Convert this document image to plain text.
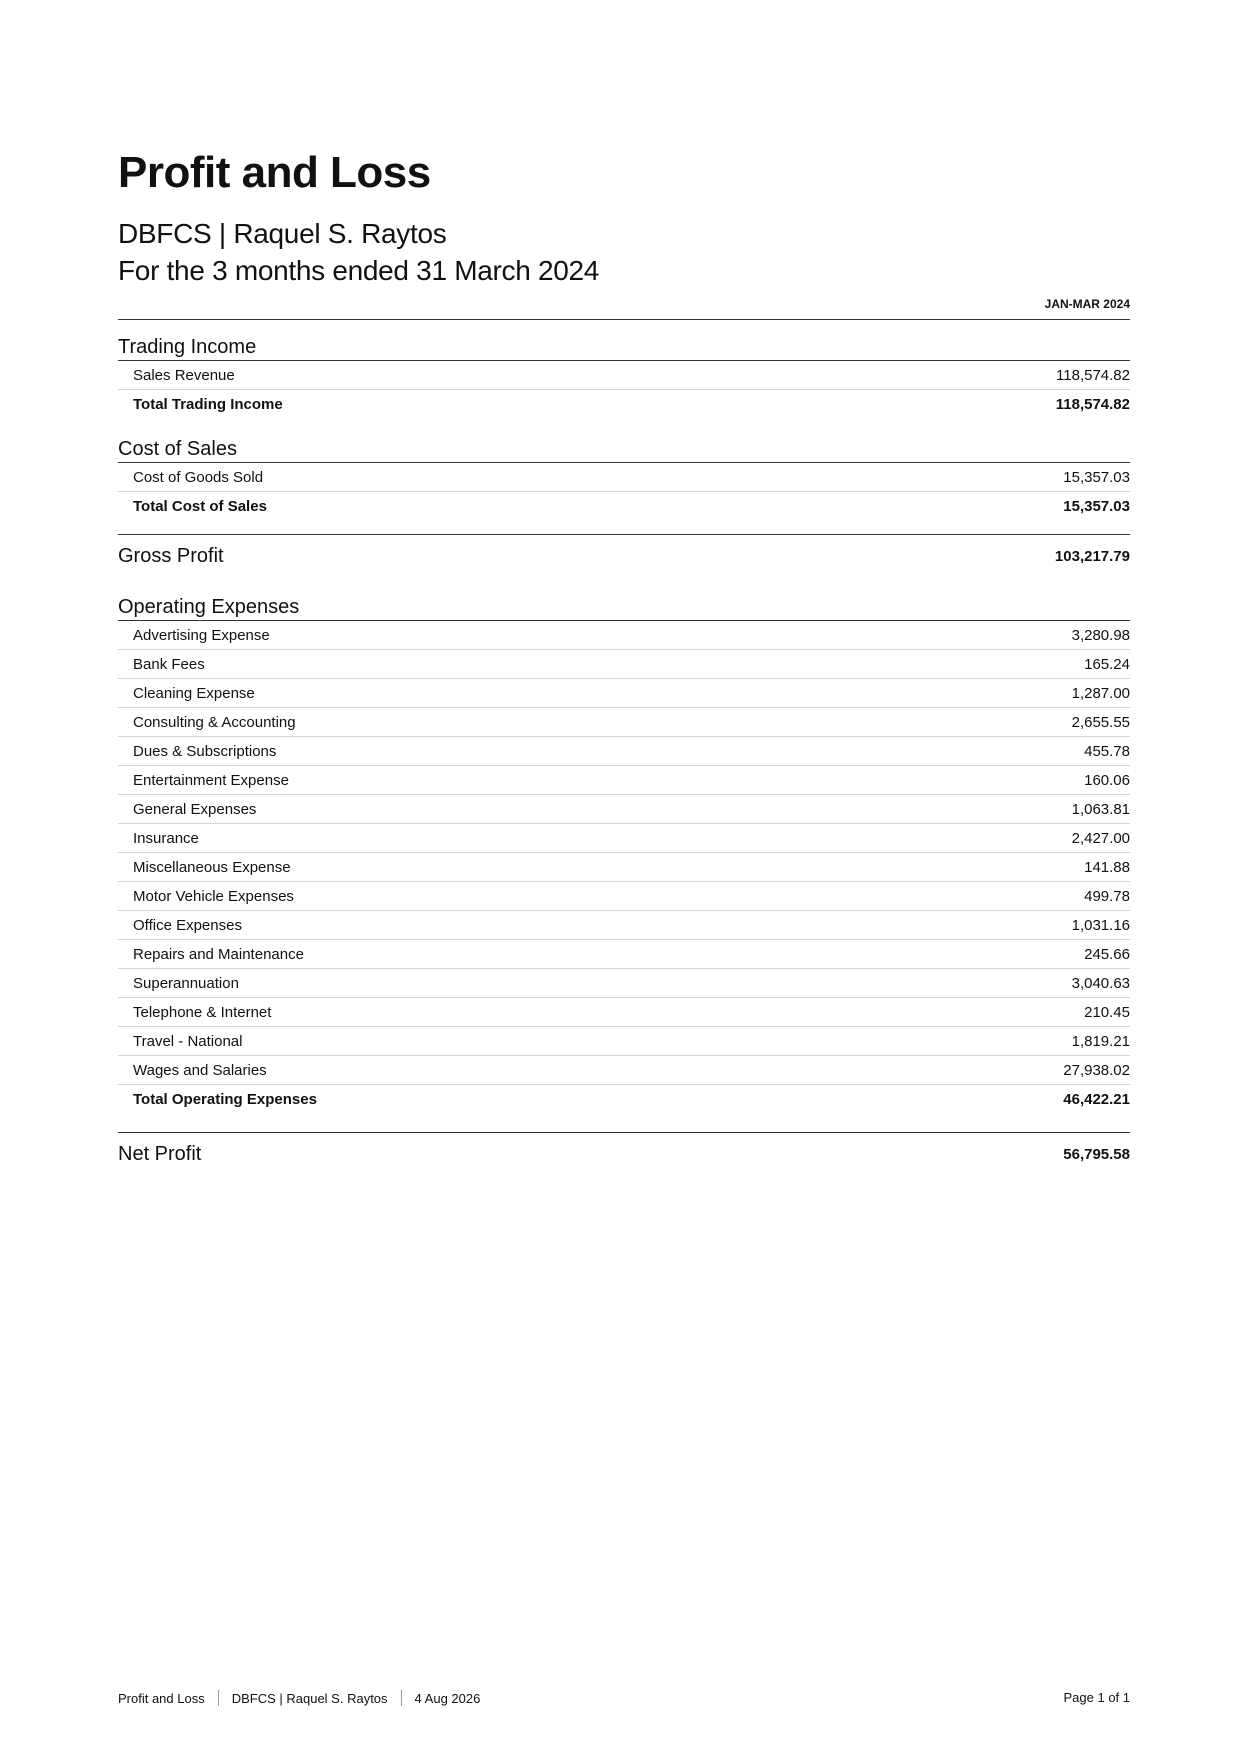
Profit and Loss
DBFCS | Raquel S. Raytos
For the 3 months ended 31 March 2024
JAN-MAR 2024
Trading Income
Sales Revenue	118,574.82
Total Trading Income	118,574.82
Cost of Sales
Cost of Goods Sold	15,357.03
Total Cost of Sales	15,357.03
Gross Profit	103,217.79
Operating Expenses
Advertising Expense	3,280.98
Bank Fees	165.24
Cleaning Expense	1,287.00
Consulting & Accounting	2,655.55
Dues & Subscriptions	455.78
Entertainment Expense	160.06
General Expenses	1,063.81
Insurance	2,427.00
Miscellaneous Expense	141.88
Motor Vehicle Expenses	499.78
Office Expenses	1,031.16
Repairs and Maintenance	245.66
Superannuation	3,040.63
Telephone & Internet	210.45
Travel - National	1,819.21
Wages and Salaries	27,938.02
Total Operating Expenses	46,422.21
Net Profit	56,795.58
Profit and Loss DBFCS | Raquel S. Raytos 4 Aug 2026	Page 1 of 1
